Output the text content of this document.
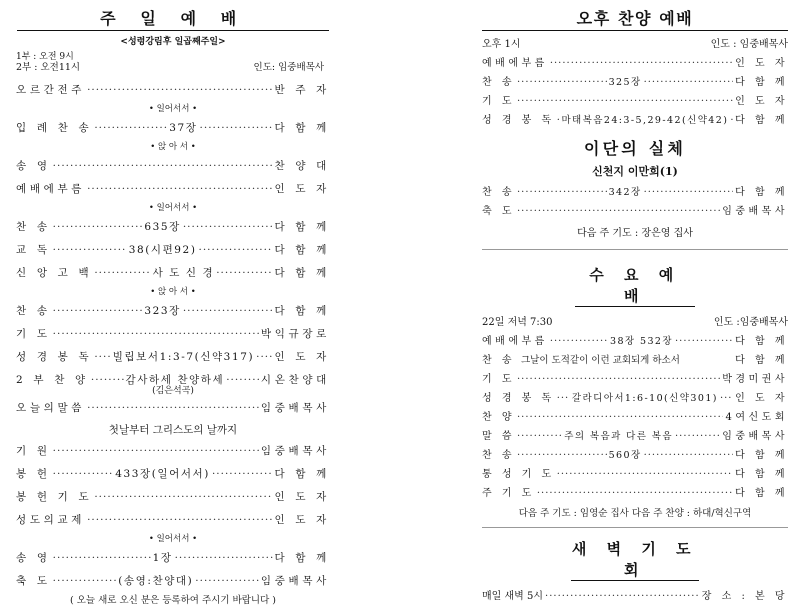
주 일 예 배
<성령강림후 일곱째주일>
1부 : 오전 9시
2부 : 오전11시	인도: 임중배목사
오르간전주 ·····	반 주 자
• 일어서서 •
입 례 찬 송 ·····	37장 ·····	다 함 께
• 앉 아 서 •
송 영 ·····	찬 양 대
예배에부름 ·····	인 도 자
• 일어서서 •
찬 송 ·····	635장 ·····	다 함 께
교 독 ·····	38(시편92) ·····	다 함 께
신 앙 고 백 ·····	사 도 신 경 ·····	다 함 께
• 앉 아 서 •
찬 송 ·····	323장 ·····	다 함 께
기 도 ·····	박익규장로
성 경 봉 독 ····· 빌립보서1:3-7(신약317) ····· 인 도 자
2 부 찬 양 ·····	감사하세 찬양하세 ·····	시온찬양대
(김은석곡)
오늘의말씀 ·····	임중배목사
첫날부터 그리스도의 날까지
기 원 ·····	임중배목사
봉 헌 ·····	433장(일어서서) ·····	다 함 께
봉 헌 기 도 ·····	인 도 자
성도의교제 ·····	인 도 자
• 일어서서 •
송 영 ·····	1장 ·····	다 함 께
축 도 ·····	(송영:찬양대) ·····	임중배목사
( 오늘 새로 오신 분은 등록하여 주시기 바랍니다 )
오후 찬양 예배
오후 1시	인도 : 임중배목사
예배에부름 ·····	인 도 자
찬 송 ·····	325장 ·····	다 함 께
기 도 ·····	인 도 자
성 경 봉 독 ····· 마태복음24:3-5,29-42(신약42) ····· 다 함 께
이단의 실체
신천지 이만희(1)
찬 송 ·····	342장 ·····	다 함 께
축 도 ·····	임중배목사
다음 주 기도 : 장은영 집사
수 요 예 배
22일 저녁 7:30	인도 :임중배목사
예배에부름 ·····	38장 532장 ·····	다 함 께
찬 송 그날이 도적같이 이런 교회되게 하소서	다 함 께
기 도 ·····	박경미권사
성 경 봉 독 ····· 갈라디아서1:6-10(신약301) ····· 인 도 자
찬 양 ·····	4여신도회
말 씀 ·····	주의 복음과 다른 복음 ·····	임중배목사
찬 송 ·····	560장 ·····	다 함 께
통 성 기 도 ·····	다 함 께
주 기 도 ·····	다 함 께
다음 주 기도 : 임영순 집사 다음 주 찬양 : 하대/혁신구역
새 벽 기 도 회
매일 새벽 5시 ·····	장 소 : 본 당
